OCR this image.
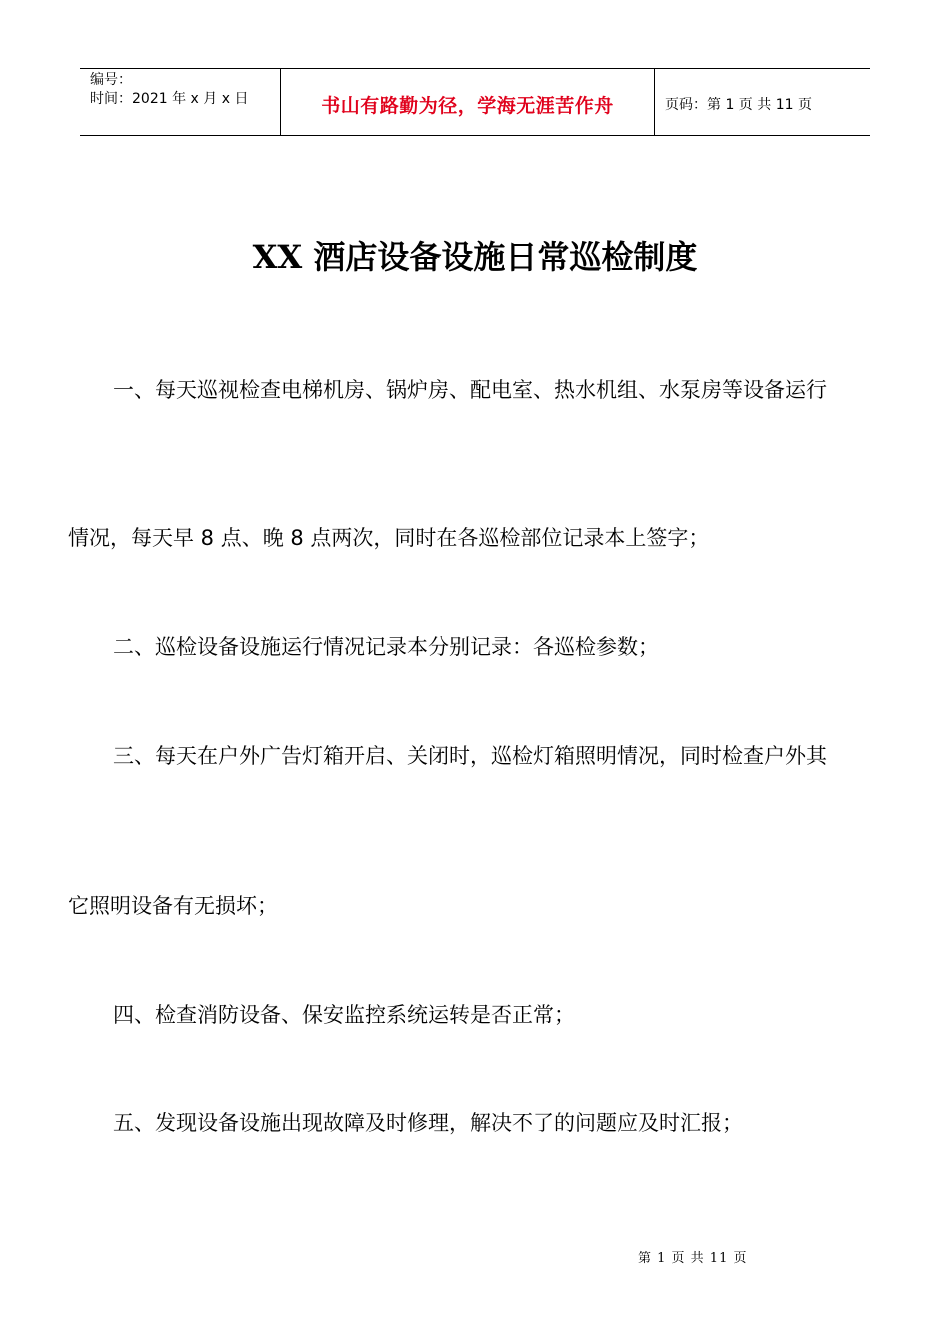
编号：
时间：2021 年 x 月 x 日	书山有路勤为径，学海无涯苦作舟	页码：第 1 页 共 11 页
XX 酒店设备设施日常巡检制度
一、每天巡视检查电梯机房、锅炉房、配电室、热水机组、水泵房等设备运行
情况，每天早 8 点、晚 8 点两次，同时在各巡检部位记录本上签字；
二、巡检设备设施运行情况记录本分别记录：各巡检参数；
三、每天在户外广告灯箱开启、关闭时，巡检灯箱照明情况，同时检查户外其
它照明设备有无损坏；
四、检查消防设备、保安监控系统运转是否正常；
五、发现设备设施出现故障及时修理，解决不了的问题应及时汇报；
第 1 页 共 11 页
